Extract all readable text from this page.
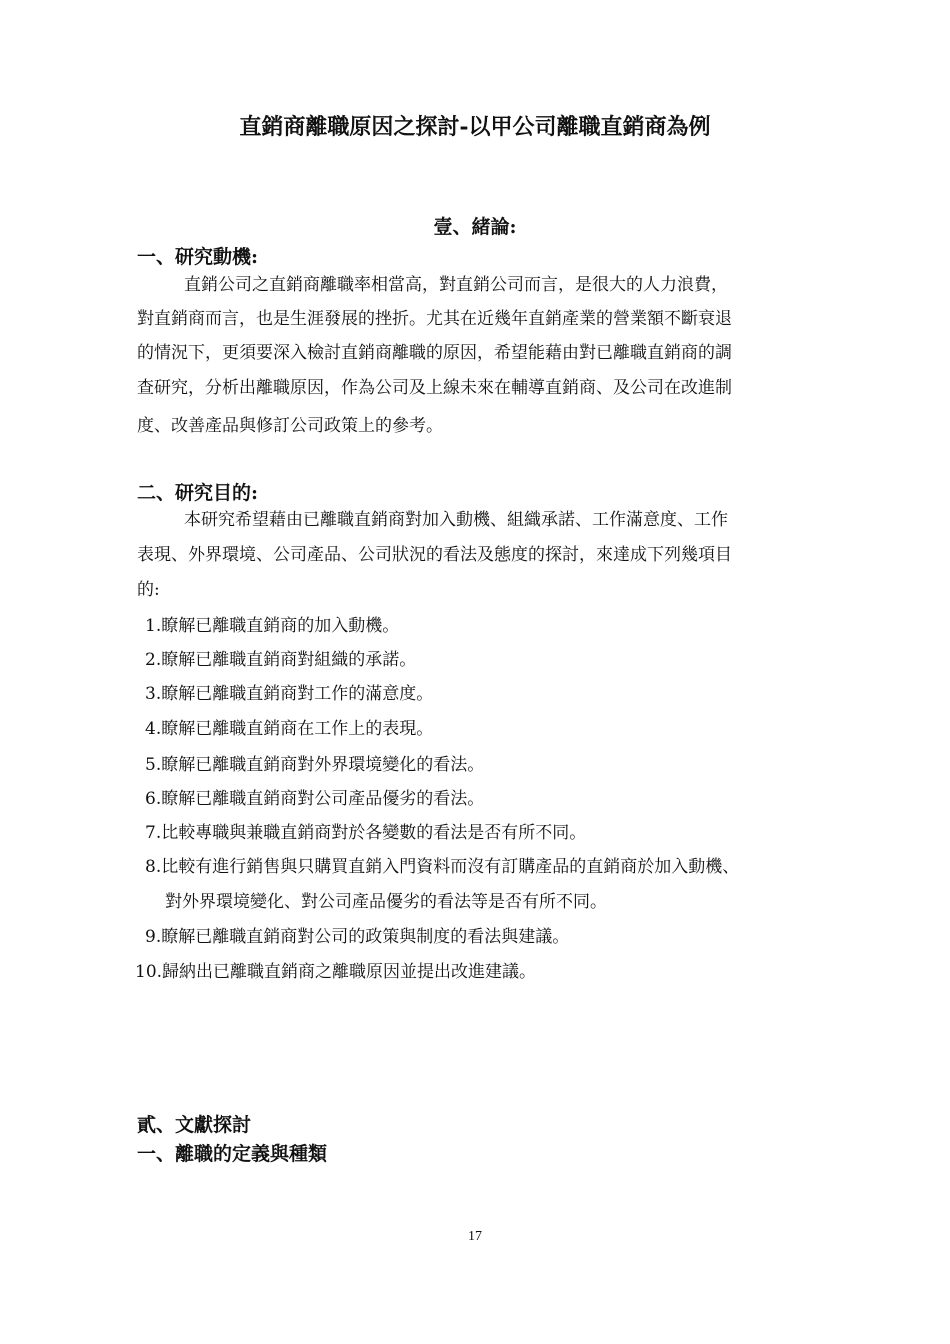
直銷商離職原因之探討-以甲公司離職直銷商為例
壹、緒論:
一、研究動機:
直銷公司之直銷商離職率相當高，對直銷公司而言，是很大的人力浪費，
對直銷商而言，也是生涯發展的挫折。尤其在近幾年直銷產業的營業額不斷衰退
的情況下，更須要深入檢討直銷商離職的原因，希望能藉由對已離職直銷商的調
查研究，分析出離職原因，作為公司及上線未來在輔導直銷商、及公司在改進制
度、改善產品與修訂公司政策上的參考。
二、研究目的:
本研究希望藉由已離職直銷商對加入動機、組織承諾、工作滿意度、工作
表現、外界環境、公司產品、公司狀況的看法及態度的探討，來達成下列幾項目
的:
1.瞭解已離職直銷商的加入動機。
2.瞭解已離職直銷商對組織的承諾。
3.瞭解已離職直銷商對工作的滿意度。
4.瞭解已離職直銷商在工作上的表現。
5.瞭解已離職直銷商對外界環境變化的看法。
6.瞭解已離職直銷商對公司產品優劣的看法。
7.比較專職與兼職直銷商對於各變數的看法是否有所不同。
8.比較有進行銷售與只購買直銷入門資料而沒有訂購產品的直銷商於加入動機、
對外界環境變化、對公司產品優劣的看法等是否有所不同。
9.瞭解已離職直銷商對公司的政策與制度的看法與建議。
10.歸納出已離職直銷商之離職原因並提出改進建議。
貳、文獻探討
一、離職的定義與種類
17
